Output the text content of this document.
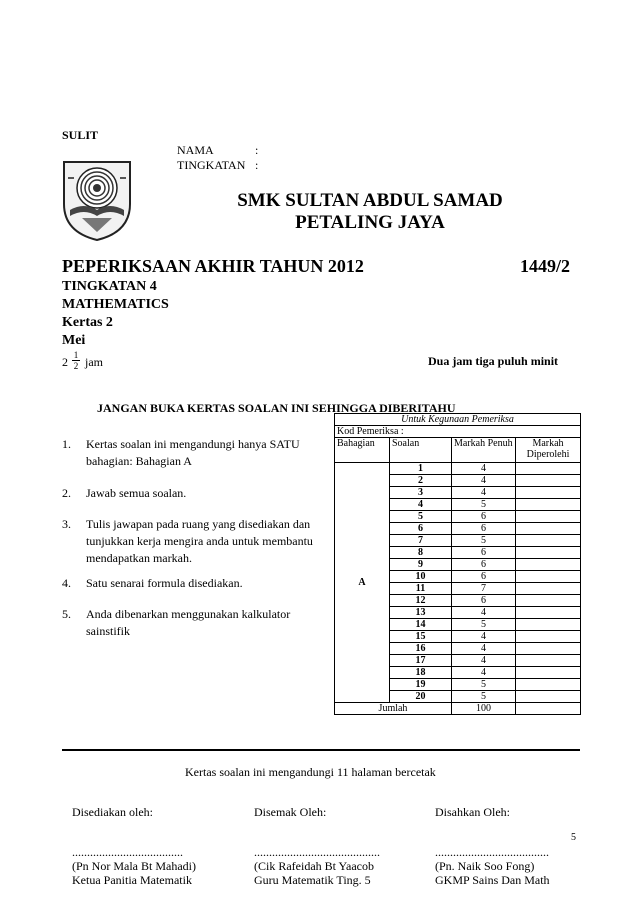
SULIT
NAMA	:
TINGKATAN :
SMK SULTAN ABDUL SAMAD
PETALING JAYA
PEPERIKSAAN AKHIR TAHUN 2012	1449/2
TINGKATAN 4
MATHEMATICS
Kertas 2
Mei
$2 \frac{1}{2}$ jam	Dua jam tiga puluh minit
JANGAN BUKA KERTAS SOALAN INI SEHINGGA DIBERITAHU
1. Kertas soalan ini mengandungi hanya SATU bahagian: Bahagian A
2. Jawab semua soalan.
3. Tulis jawapan pada ruang yang disediakan dan tunjukkan kerja mengira anda untuk membantu mendapatkan markah.
4. Satu senarai formula disediakan.
5. Anda dibenarkan menggunakan kalkulator sainstifik
Untuk Kegunaan Pemeriksa			
Kod Pemeriksa :			
Bahagian	Soalan	Markah Penuh	Markah Diperolehi
A	1	4	
	2	4	
	3	4	
	4	5	
	5	6	
	6	6	
	7	5	
	8	6	
	9	6	
	10	6	
	11	7	
	12	6	
	13	4	
	14	5	
	15	4	
	16	4	
	17	4	
	18	4	
	19	5	
	20	5	
Jumlah		100	
Kertas soalan ini mengandungi 11 halaman bercetak
Disediakan oleh:
.....................................
(Pn Nor Mala Bt Mahadi)
Ketua Panitia Matematik
Disemak Oleh:
..........................................
(Cik Rafeidah Bt Yaacob
Guru Matematik Ting. 5
Disahkan Oleh:
......................................
(Pn. Naik Soo Fong)
GKMP Sains Dan Math
5
